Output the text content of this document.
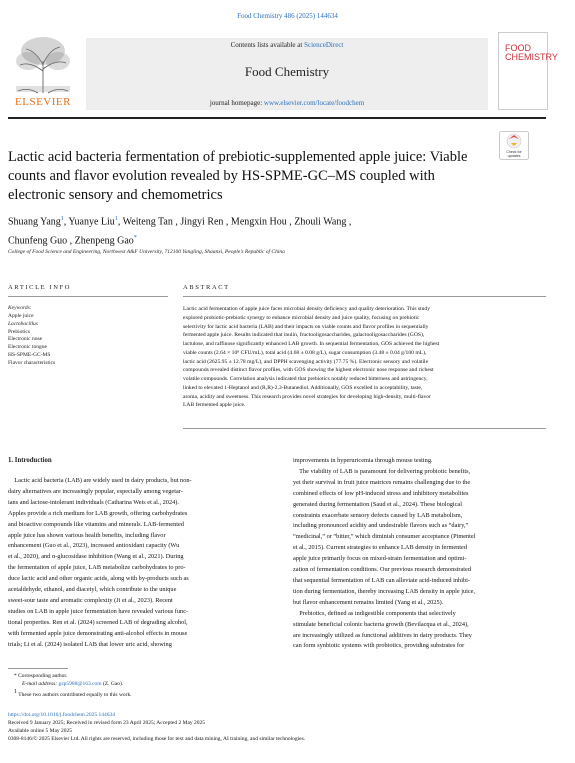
Food Chemistry 486 (2025) 144634
Contents lists available at ScienceDirect
Food Chemistry
journal homepage: www.elsevier.com/locate/foodchem
ELSEVIER
FOOD
CHEMISTRY
Check for
updates
Lactic acid bacteria fermentation of prebiotic-supplemented apple juice: Viable counts and flavor evolution revealed by HS-SPME-GC–MS coupled with electronic sensory and chemometrics
Shuang Yang$^1$, Yuanye Liu$^1$, Weiteng Tan , Jingyi Ren , Mengxin Hou , Zhouli Wang ,
Chunfeng Guo , Zhenpeng Gao*
College of Food Science and Engineering, Northwest A&F University, 712100 Yangling, Shaanxi, People’s Republic of China
ARTICLE INFO	ABSTRACT
Keywords:
Apple juice
Lactobacillus
Prebiotics
Electronic nose
Electronic tongue
HS-SPME-GC-MS
Flavor characteristics
Lactic acid fermentation of apple juice faces microbial density deficiency and quality deterioration. This study
explored probiotic-prebiotic synergy to enhance microbial density and juice quality, focusing on prebiotic
selectivity for lactic acid bacteria (LAB) and their impacts on viable counts and flavor profiles in sequentially
fermented apple juice. Results indicated that inulin, fructooligosaccharides, galactooligosaccharides (GOS),
lactulose, and raffinose significantly enhanced LAB growth. In sequential fermentation, GOS achieved the highest
viable counts (2.64 × 10⁸ CFU/mL), total acid (4.68 ± 0.08 g/L), sugar consumption (3.48 ± 0.04 g/100 mL),
lactic acid (2625.95 ± 12.78 mg/L), and DPPH scavenging activity (77.75 %). Electronic sensory and volatile
compounds revealed distinct flavor profiles, with GOS showing the highest electronic nose response and richest
volatile compounds. Correlation analysis indicated that prebiotics notably reduced bitterness and astringency,
linked to elevated 1-Heptanol and (R,R)-2,3-Butanediol. Additionally, GOS excelled in acceptability, taste,
aroma, acidity and sweetness. This research provides novel strategies for developing high-density, multi-flavor
LAB fermented apple juice.
1. Introduction
Lactic acid bacteria (LAB) are widely used in dairy products, but non-
dairy alternatives are increasingly popular, especially among vegetar-
ians and lactose-intolerant individuals (Catharina Weis et al., 2024).
Apples provide a rich medium for LAB growth, offering carbohydrates
and bioactive compounds like vitamins and minerals. LAB-fermented
apple juice has shown various health benefits, including flavor
enhancement (Guo et al., 2023), increased antioxidant capacity (Wu
et al., 2020), and α-glucosidase inhibition (Wang et al., 2021). During
the fermentation of apple juice, LAB metabolize carbohydrates to pro-
duce lactic acid and other organic acids, along with by-products such as
acetaldehyde, ethanol, and diacetyl, which contribute to the unique
sweet-sour taste and aromatic complexity (Ji et al., 2023). Recent
studies on LAB in apple juice fermentation have revealed various func-
tional properties. Ren et al. (2024) screened LAB of degrading alcohol,
with fermented apple juice demonstrating anti-alcohol effects in mouse
trials; Li et al. (2024) isolated LAB that lower uric acid, showing
improvements in hyperuricemia through mouse testing.
The viability of LAB is paramount for delivering probiotic benefits,
yet their survival in fruit juice matrices remains challenging due to the
combined effects of low pH-induced stress and inhibitory metabolites
generated during fermentation (Saud et al., 2024). These biological
constraints exacerbate sensory defects caused by LAB metabolism,
including pronounced acidity and undesirable flavors such as “dairy,”
“medicinal,” or “bitter,” which diminish consumer acceptance (Pimentel
et al., 2015). Current strategies to enhance LAB density in fermented
apple juice primarily focus on mixed-strain fermentation and optimi-
zation of fermentation conditions. Our previous research demonstrated
that sequential fermentation of LAB can alleviate acid-induced inhibi-
tion during fermentation, thereby increasing LAB density in apple juice,
but flavor enhancement remains limited (Yang et al., 2025).
Prebiotics, defined as indigestible components that selectively
stimulate beneficial colonic bacteria growth (Bevilacqua et al., 2024),
are increasingly utilized as functional additives in dairy products. They
can form synbiotic systems with probiotics, providing substrates for
* Corresponding author.
E-mail address: gzp5988@163.com (Z. Gao).
1 These two authors contributed equally to this work.
https://doi.org/10.1016/j.foodchem.2025.144634
Received 9 January 2025; Received in revised form 23 April 2025; Accepted 2 May 2025
Available online 5 May 2025
0308-8146/© 2025 Elsevier Ltd. All rights are reserved, including those for text and data mining, AI training, and similar technologies.
